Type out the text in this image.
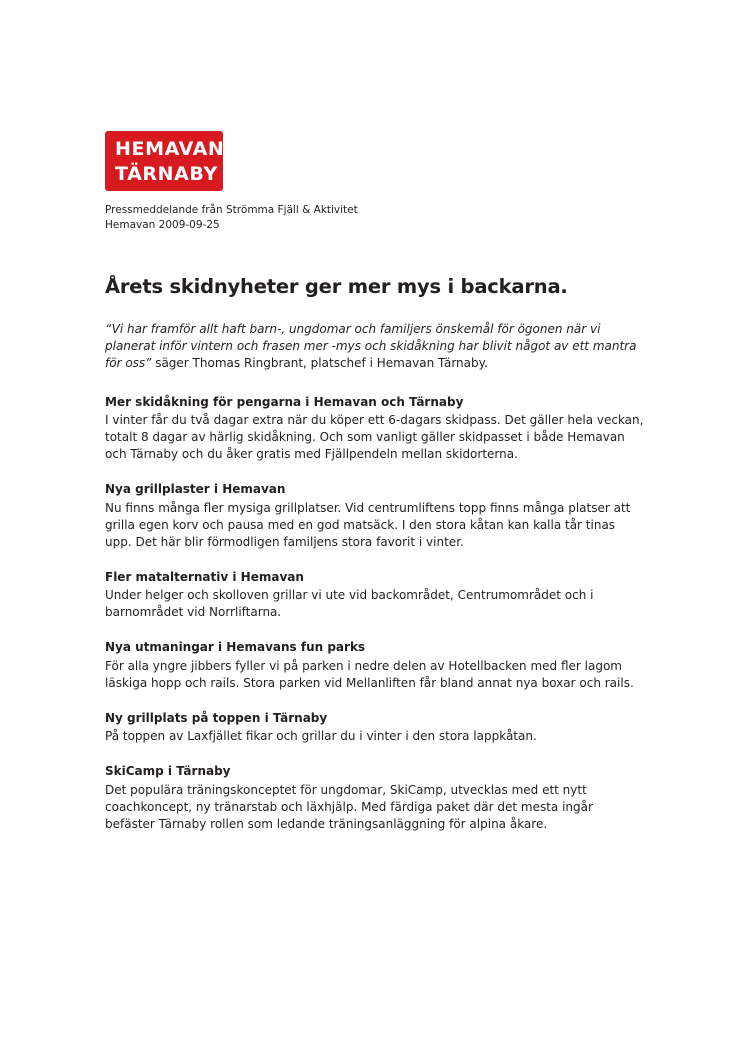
HEMAVAN
TÄRNABY
Pressmeddelande från Strömma Fjäll & Aktivitet
Hemavan 2009-09-25
Årets skidnyheter ger mer mys i backarna.

“Vi har framför allt haft barn-, ungdomar och familjers önskemål för ögonen när vi planerat inför vintern och frasen mer -mys och skidåkning har blivit något av ett mantra för oss” säger Thomas Ringbrant, platschef i Hemavan Tärnaby.

Mer skidåkning för pengarna i Hemavan och Tärnaby

I vinter får du två dagar extra när du köper ett 6-dagars skidpass. Det gäller hela veckan, totalt 8 dagar av härlig skidåkning. Och som vanligt gäller skidpasset i både Hemavan och Tärnaby och du åker gratis med Fjällpendeln mellan skidorterna.

Nya grillplaster i Hemavan

Nu finns många fler mysiga grillplatser. Vid centrumliftens topp finns många platser att grilla egen korv och pausa med en god matsäck. I den stora kåtan kan kalla tår tinas upp. Det här blir förmodligen familjens stora favorit i vinter.

Fler matalternativ i Hemavan

Under helger och skolloven grillar vi ute vid backområdet, Centrumområdet och i barnområdet vid Norrliftarna.

Nya utmaningar i Hemavans fun parks

För alla yngre jibbers fyller vi på parken i nedre delen av Hotellbacken med fler lagom läskiga hopp och rails. Stora parken vid Mellanliften får bland annat nya boxar och rails.

Ny grillplats på toppen i Tärnaby

På toppen av Laxfjället fikar och grillar du i vinter i den stora lappkåtan.

SkiCamp i Tärnaby

Det populära träningskonceptet för ungdomar, SkiCamp, utvecklas med ett nytt coachkoncept, ny tränarstab och läxhjälp. Med färdiga paket där det mesta ingår befäster Tärnaby rollen som ledande träningsanläggning för alpina åkare.
